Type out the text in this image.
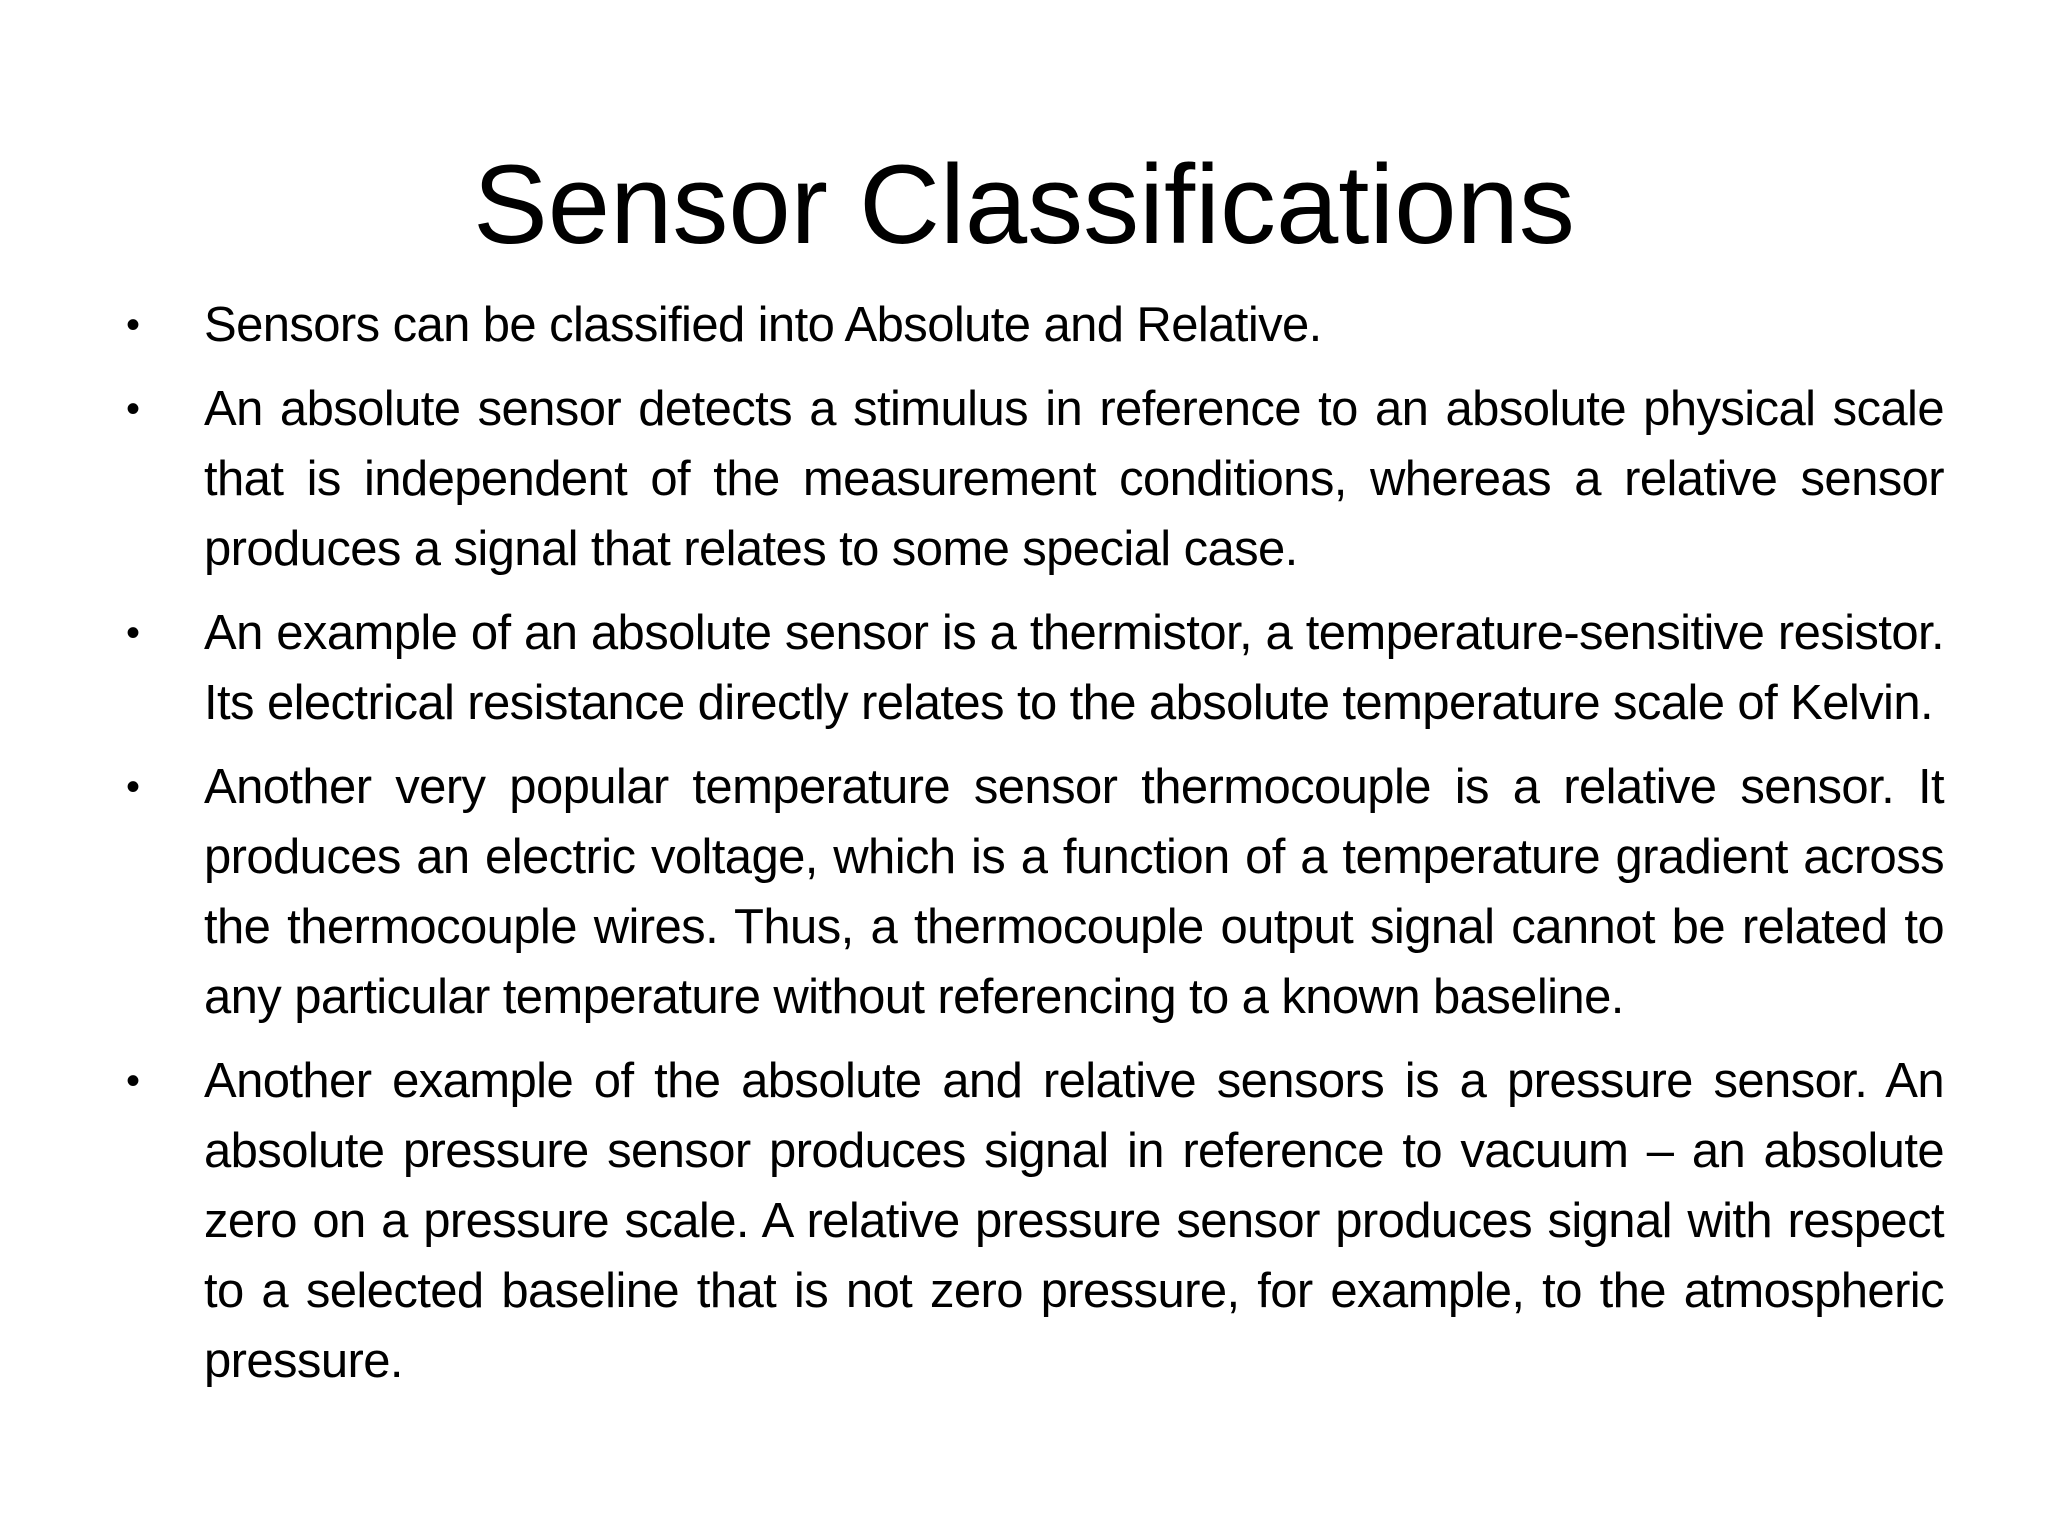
Sensor Classifications
•	Sensors can be classified into Absolute and Relative.
•	An absolute sensor detects a stimulus in reference to an absolute physical scale that is independent of the measurement conditions, whereas a relative sensor produces a signal that relates to some special case.
•	An example of an absolute sensor is a thermistor, a temperature-sensitive resistor. Its electrical resistance directly relates to the absolute temperature scale of Kelvin.
•	Another very popular temperature sensor thermocouple is a relative sensor. It produces an electric voltage, which is a function of a temperature gradient across the thermocouple wires. Thus, a thermocouple output signal cannot be related to any particular temperature without referencing to a known baseline.
•	Another example of the absolute and relative sensors is a pressure sensor. An absolute pressure sensor produces signal in reference to vacuum – an absolute zero on a pressure scale. A relative pressure sensor produces signal with respect to a selected baseline that is not zero pressure, for example, to the atmospheric pressure.
